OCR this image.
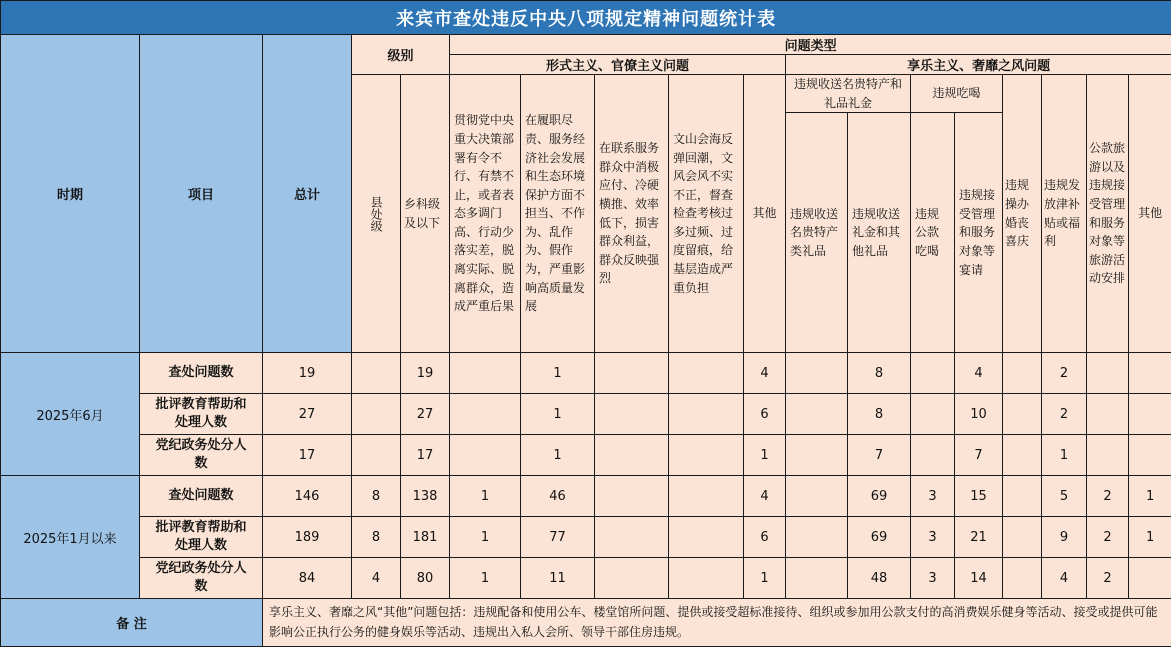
来宾市查处违反中央八项规定精神问题统计表																	
时期	项目	总计	级别		问题类型												
					形式主义、官僚主义问题					享乐主义、奢靡之风问题							

			县处级	乡科级及以下	贯彻党中央重大决策部署有令不行、有禁不止，或者表态多调门高、行动少落实差，脱离实际、脱离群众，造成严重后果	在履职尽责、服务经济社会发展和生态环境保护方面不担当、不作为、乱作为、假作为，严重影响高质量发展	在联系服务群众中消极应付、冷硬横推、效率低下，损害群众利益，群众反映强烈	文山会海反弹回潮，文风会风不实不正，督查检查考核过多过频、过度留痕，给基层造成严重负担	其他	违规收送名贵特产和礼品礼金		违规吃喝		违规操办婚丧喜庆	违规发放津补贴或福利	公款旅游以及违规接受管理和服务对象等旅游活动安排	其他

										违规收送名贵特产类礼品	违规收送礼金和其他礼品	违规公款吃喝	违规接受管理和服务对象等宴请				

2025年6月	查处问题数	19		19		1			4		8		4		2		
	批评教育帮助和处理人数	27		27		1			6		8		10		2		
	党纪政务处分人数	17		17		1			1		7		7		1		
2025年1月以来	查处问题数	146	8	138	1	46			4		69	3	15		5	2	1
	批评教育帮助和处理人数	189	8	181	1	77			6		69	3	21		9	2	1
	党纪政务处分人数	84	4	80	1	11			1		48	3	14		4	2	
备 注		享乐主义、奢靡之风“其他”问题包括：违规配备和使用公车、楼堂馆所问题、提供或接受超标准接待、组织或参加用公款支付的高消费娱乐健身等活动、接受或提供可能影响公正执行公务的健身娱乐等活动、违规出入私人会所、领导干部住房违规。															
